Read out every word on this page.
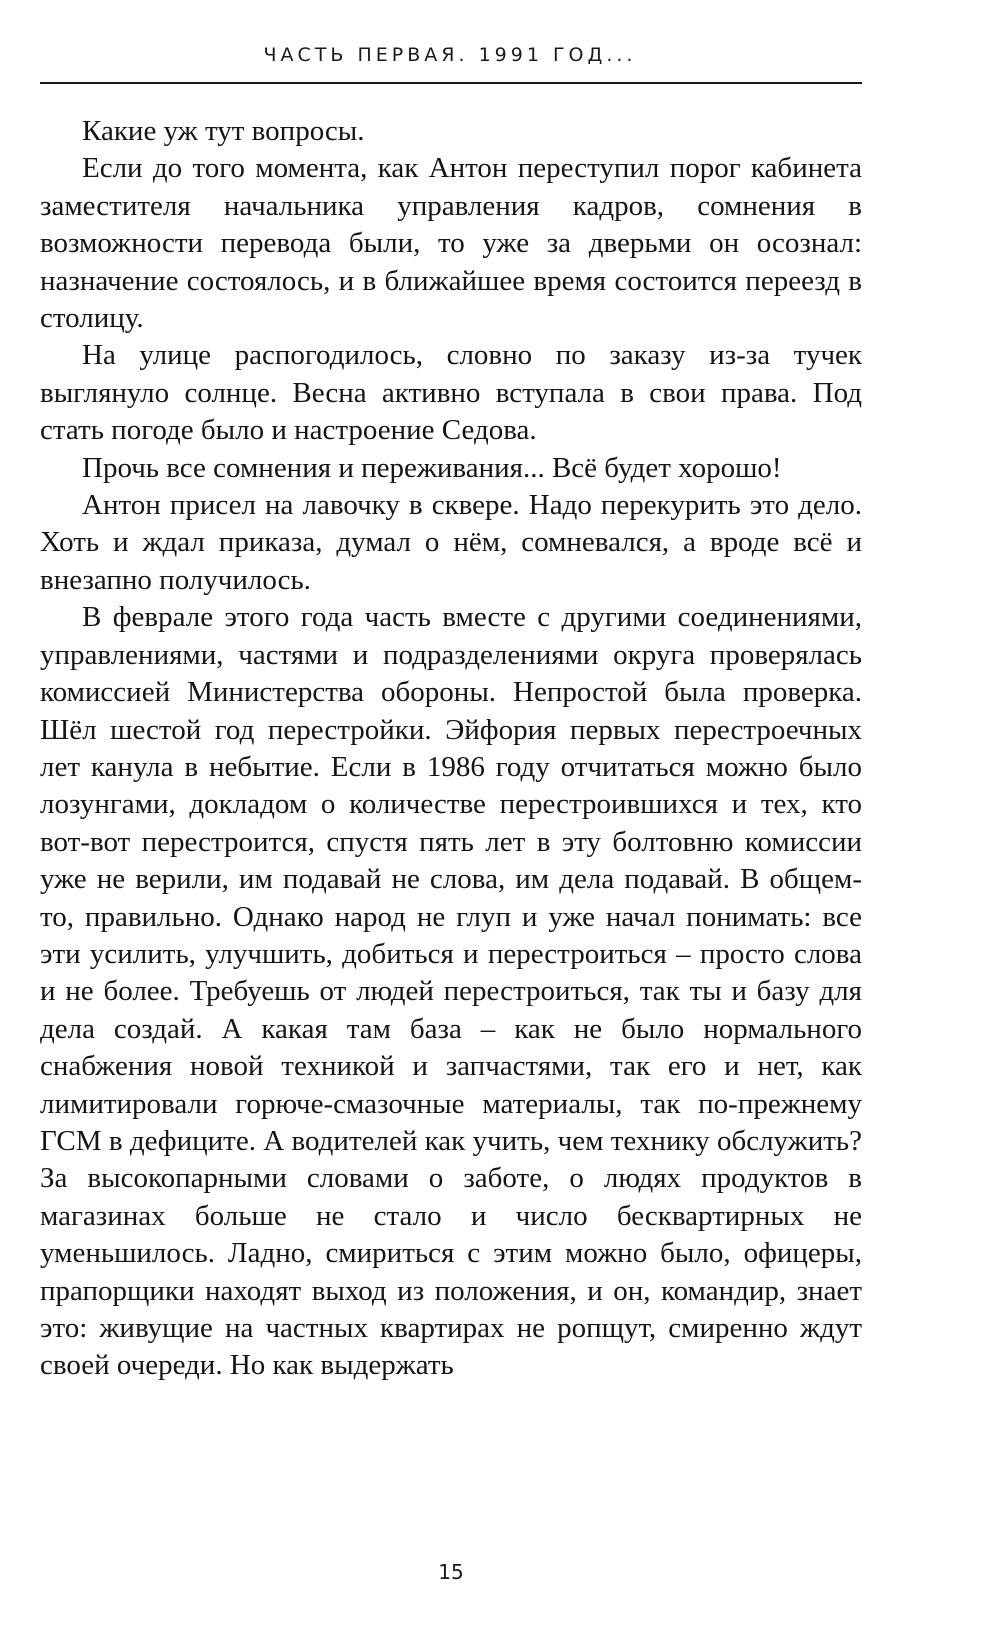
ЧАСТЬ ПЕРВАЯ. 1991 ГОД...

Какие уж тут вопросы.

Если до того момента, как Антон переступил порог кабинета заместителя начальника управления кадров, сомнения в возможности перевода были, то уже за дверьми он осознал: назначение состоялось, и в ближайшее время состоится переезд в столицу.

На улице распогодилось, словно по заказу из-за тучек выглянуло солнце. Весна активно вступала в свои права. Под стать погоде было и настроение Седова.

Прочь все сомнения и переживания... Всё будет хорошо!

Антон присел на лавочку в сквере. Надо перекурить это дело. Хоть и ждал приказа, думал о нём, сомневался, а вроде всё и внезапно получилось.

В феврале этого года часть вместе с другими соединениями, управлениями, частями и подразделениями округа проверялась комиссией Министерства обороны. Непростой была проверка. Шёл шестой год перестройки. Эйфория первых перестроечных лет канула в небытие. Если в 1986 году отчитаться можно было лозунгами, докладом о количестве перестроившихся и тех, кто вот-вот перестроится, спустя пять лет в эту болтовню комиссии уже не верили, им подавай не слова, им дела подавай. В общем-то, правильно. Однако народ не глуп и уже начал понимать: все эти усилить, улучшить, добиться и перестроиться – просто слова и не более. Требуешь от людей перестроиться, так ты и базу для дела создай. А какая там база – как не было нормального снабжения новой техникой и запчастями, так его и нет, как лимитировали горюче-смазочные материалы, так по-прежнему ГСМ в дефиците. А водителей как учить, чем технику обслужить? За высокопарными словами о заботе, о людях продуктов в магазинах больше не стало и число бесквартирных не уменьшилось. Ладно, смириться с этим можно было, офицеры, прапорщики находят выход из положения, и он, командир, знает это: живущие на частных квартирах не ропщут, смиренно ждут своей очереди. Но как выдержать

15
